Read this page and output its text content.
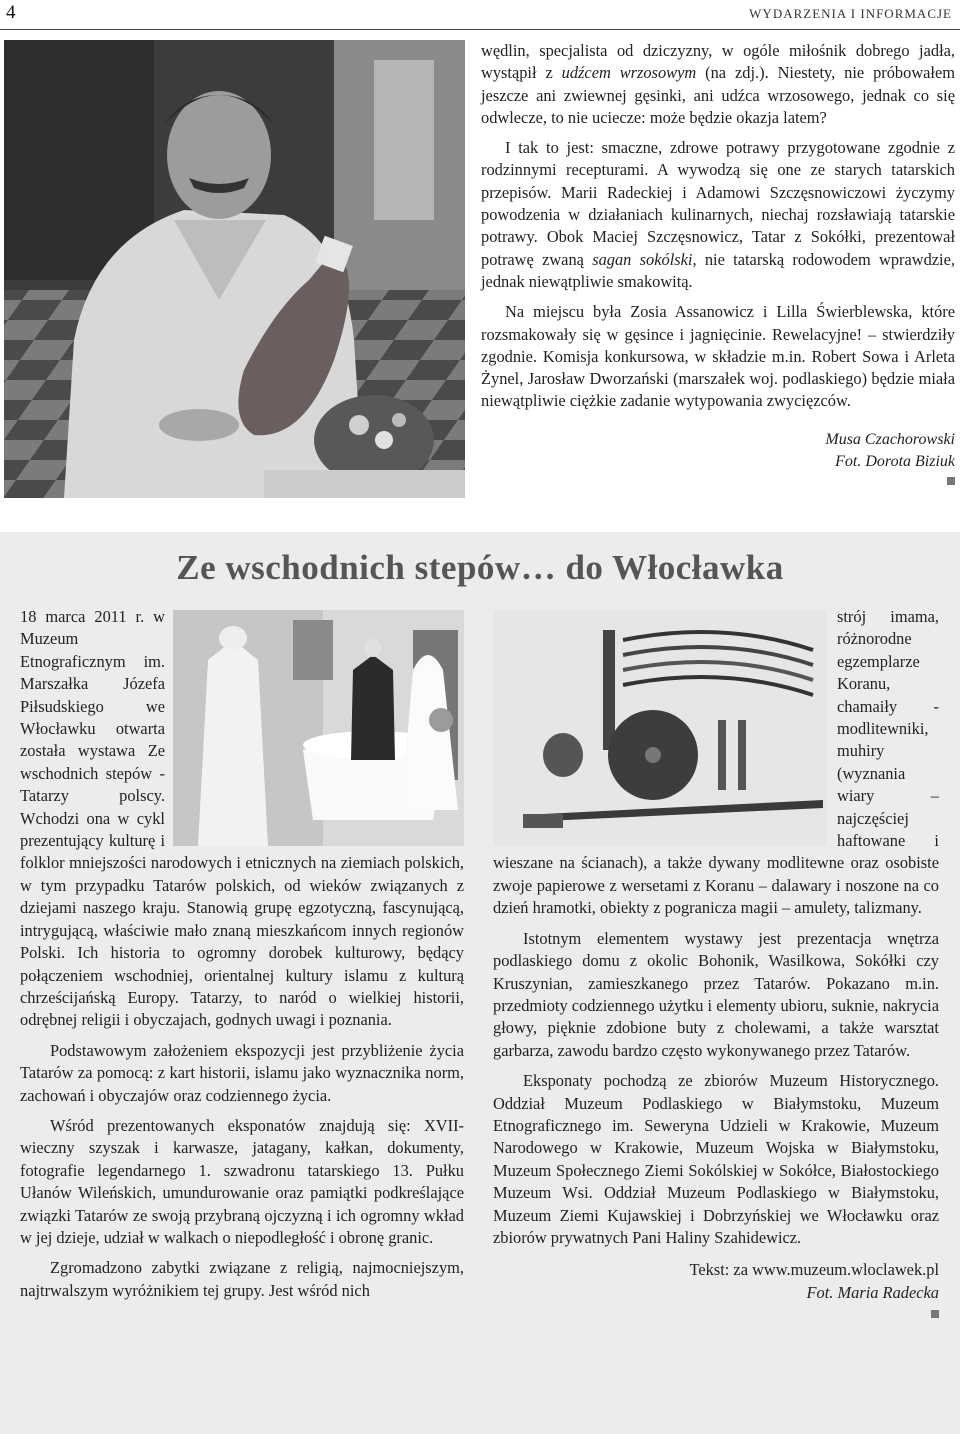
4	WYDARZENIA I INFORMACJE

wędlin, specjalista od dziczyzny, w ogóle miłośnik dobrego jadła, wystąpił z udźcem wrzosowym (na zdj.). Niestety, nie próbowałem jeszcze ani zwiewnej gęsinki, ani udźca wrzosowego, jednak co się odwlecze, to nie uciecze: może będzie okazja latem?

I tak to jest: smaczne, zdrowe potrawy przygotowane zgodnie z rodzinnymi recepturami. A wywodzą się one ze starych tatarskich przepisów. Marii Radeckiej i Adamowi Szczęsnowiczowi życzymy powodzenia w działaniach kulinarnych, niechaj rozsławiają tatarskie potrawy. Obok Maciej Szczęsnowicz, Tatar z Sokółki, prezentował potrawę zwaną sagan sokólski, nie tatarską rodowodem wprawdzie, jednak niewątpliwie smakowitą.

Na miejscu była Zosia Assanowicz i Lilla Świerblewska, które rozsmakowały się w gęsince i jagnięcinie. Rewelacyjne! – stwierdziły zgodnie. Komisja konkursowa, w składzie m.in. Robert Sowa i Arleta Żynel, Jarosław Dworzański (marszałek woj. podlaskiego) będzie miała niewątpliwie ciężkie zadanie wytypowania zwycięzców.

Musa Czachorowski
Fot. Dorota Biziuk
Ze wschodnich stepów… do Włocławka

18 marca 2011 r. w Muzeum Etnograficznym im. Marszałka Józefa Piłsudskiego we Włocławku otwarta została wystawa Ze wschodnich stepów - Tatarzy polscy. Wchodzi ona w cykl prezentujący kulturę i folklor mniejszości narodowych i etnicznych na ziemiach polskich, w tym przypadku Tatarów polskich, od wieków związanych z dziejami naszego kraju. Stanowią grupę egzotyczną, fascynującą, intrygującą, właściwie mało znaną mieszkańcom innych regionów Polski. Ich historia to ogromny dorobek kulturowy, będący połączeniem wschodniej, orientalnej kultury islamu z kulturą chrześcijańską Europy. Tatarzy, to naród o wielkiej historii, odrębnej religii i obyczajach, godnych uwagi i poznania.

Podstawowym założeniem ekspozycji jest przybliżenie życia Tatarów za pomocą: z kart historii, islamu jako wyznacznika norm, zachowań i obyczajów oraz codziennego życia.

Wśród prezentowanych eksponatów znajdują się: XVII-wieczny szyszak i karwasze, jatagany, kałkan, dokumenty, fotografie legendarnego 1. szwadronu tatarskiego 13. Pułku Ułanów Wileńskich, umundurowanie oraz pamiątki podkreślające związki Tatarów ze swoją przybraną ojczyzną i ich ogromny wkład w jej dzieje, udział w walkach o niepodległość i obronę granic.

Zgromadzono zabytki związane z religią, najmocniejszym, najtrwalszym wyróżnikiem tej grupy. Jest wśród nich

strój imama, różnorodne egzemplarze Koranu, chamaiły - modlitewniki, muhiry (wyznania wiary – najczęściej haftowane i wieszane na ścianach), a także dywany modlitewne oraz osobiste zwoje papierowe z wersetami z Koranu – dalawary i noszone na co dzień hramotki, obiekty z pogranicza magii – amulety, talizmany.

Istotnym elementem wystawy jest prezentacja wnętrza podlaskiego domu z okolic Bohonik, Wasilkowa, Sokółki czy Kruszynian, zamieszkanego przez Tatarów. Pokazano m.in. przedmioty codziennego użytku i elementy ubioru, suknie, nakrycia głowy, pięknie zdobione buty z cholewami, a także warsztat garbarza, zawodu bardzo często wykonywanego przez Tatarów.

Eksponaty pochodzą ze zbiorów Muzeum Historycznego. Oddział Muzeum Podlaskiego w Białymstoku, Muzeum Etnograficznego im. Seweryna Udzieli w Krakowie, Muzeum Narodowego w Krakowie, Muzeum Wojska w Białymstoku, Muzeum Społecznego Ziemi Sokólskiej w Sokółce, Białostockiego Muzeum Wsi. Oddział Muzeum Podlaskiego w Białymstoku, Muzeum Ziemi Kujawskiej i Dobrzyńskiej we Włocławku oraz zbiorów prywatnych Pani Haliny Szahidewicz.

Tekst: za www.muzeum.wloclawek.pl
Fot. Maria Radecka
